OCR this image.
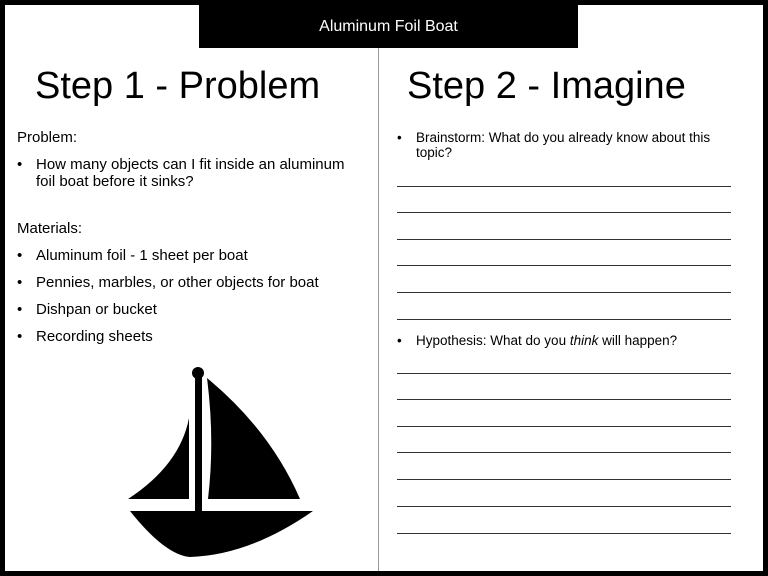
Aluminum Foil Boat
Step 1 - Problem Step 2 - Imagine

Problem:

• How many objects can I fit inside an aluminum foil boat before it sinks?

Materials:

• Aluminum foil - 1 sheet per boat

• Pennies, marbles, or other objects for boat

• Dishpan or bucket

• Recording sheets

• Brainstorm: What do you already know about this topic?

• Hypothesis: What do you think will happen?
